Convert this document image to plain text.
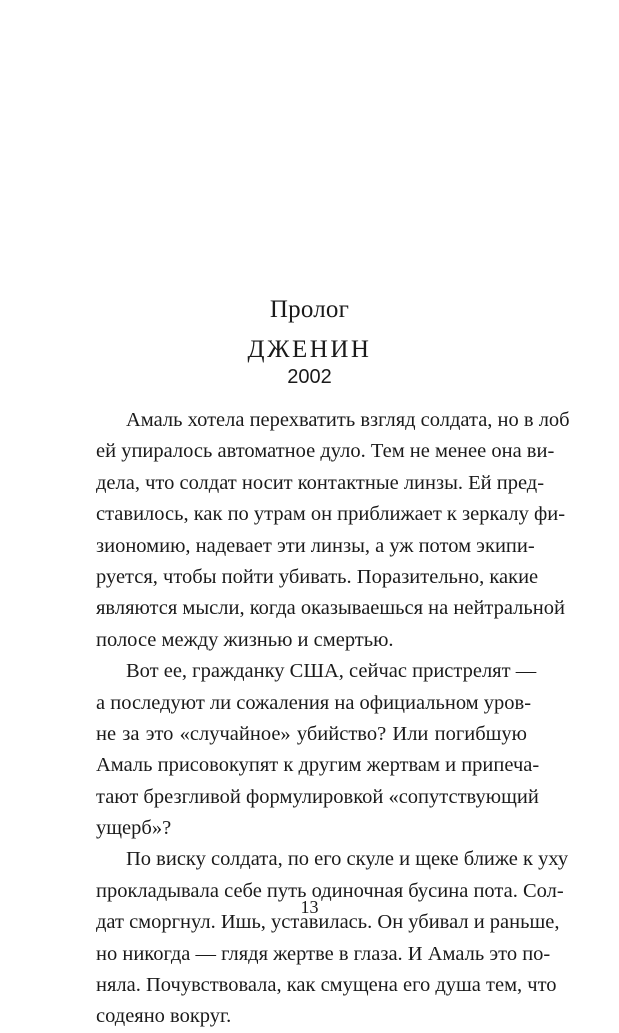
Пролог
ДЖЕНИН
2002
Амаль хотела перехватить взгляд солдата, но в лоб
ей упиралось автоматное дуло. Тем не менее она ви-
дела, что солдат носит контактные линзы. Ей пред-
ставилось, как по утрам он приближает к зеркалу фи-
зиономию, надевает эти линзы, а уж потом экипи-
руется, чтобы пойти убивать. Поразительно, какие
являются мысли, когда оказываешься на нейтральной
полосе между жизнью и смертью.
Вот ее, гражданку США, сейчас пристрелят —
а последуют ли сожаления на официальном уров-
не за это «случайное» убийство? Или погибшую
Амаль присовокупят к другим жертвам и припеча-
тают брезгливой формулировкой «сопутствующий
ущерб»?
По виску солдата, по его скуле и щеке ближе к уху
прокладывала себе путь одиночная бусина пота. Сол-
дат сморгнул. Ишь, уставилась. Он убивал и раньше,
но никогда — глядя жертве в глаза. И Амаль это по-
няла. Почувствовала, как смущена его душа тем, что
содеяно вокруг.
13
